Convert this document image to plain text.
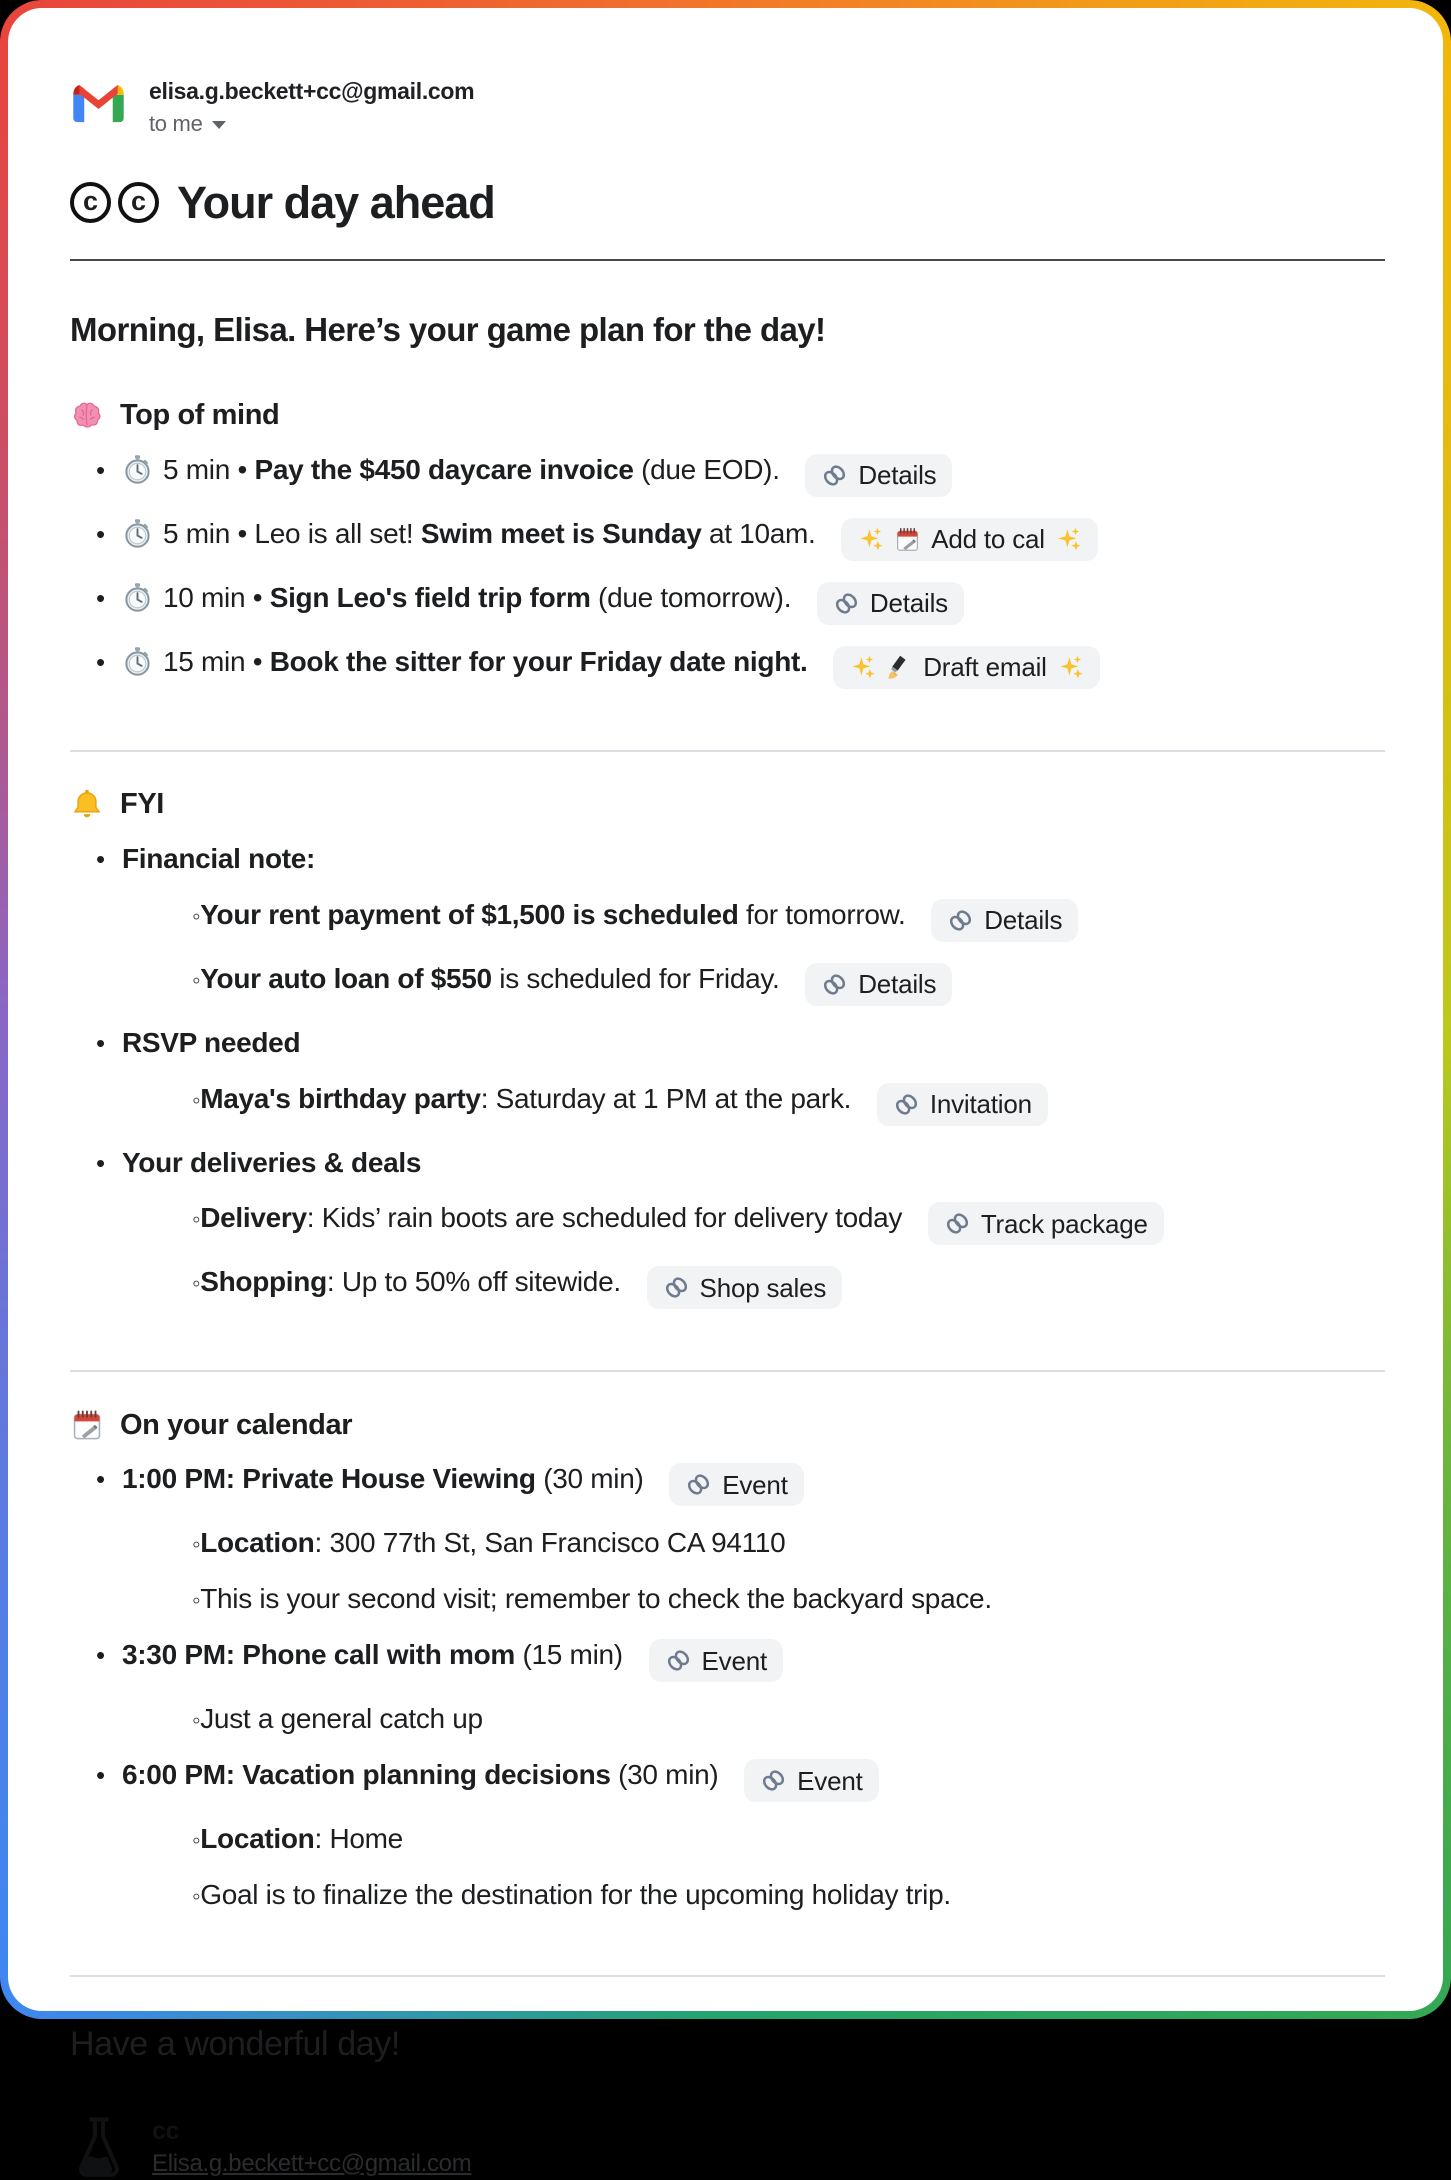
elisa.g.beckett+cc@gmail.com
to me
c	c Your day ahead
Morning, Elisa. Here’s your game plan for the day!
Top of mind
• 5 min • Pay the $450 daycare invoice (due EOD). 	Details
• 5 min • Leo is all set! Swim meet is Sunday at 10am. 	Add to cal
• 10 min • Sign Leo's field trip form (due tomorrow). 	Details
• 15 min • Book the sitter for your Friday date night. 	Draft email
FYI
• Financial note:
◦ Your rent payment of $1,500 is scheduled for tomorrow. 	Details
◦ Your auto loan of $550 is scheduled for Friday. 	Details
• RSVP needed
◦ Maya's birthday party: Saturday at 1 PM at the park. 	Invitation
• Your deliveries & deals
◦ Delivery: Kids’ rain boots are scheduled for delivery today 	Track package
◦ Shopping: Up to 50% off sitewide. 	Shop sales
On your calendar
• 1:00 PM: Private House Viewing (30 min) 	Event
◦ Location: 300 77th St, San Francisco CA 94110
◦ This is your second visit; remember to check the backyard space.
• 3:30 PM: Phone call with mom (15 min) 	Event
◦ Just a general catch up
• 6:00 PM: Vacation planning decisions (30 min) 	Event
◦ Location: Home
◦ Goal is to finalize the destination for the upcoming holiday trip.
Have a wonderful day!
cc
Elisa.g.beckett+cc@gmail.com
